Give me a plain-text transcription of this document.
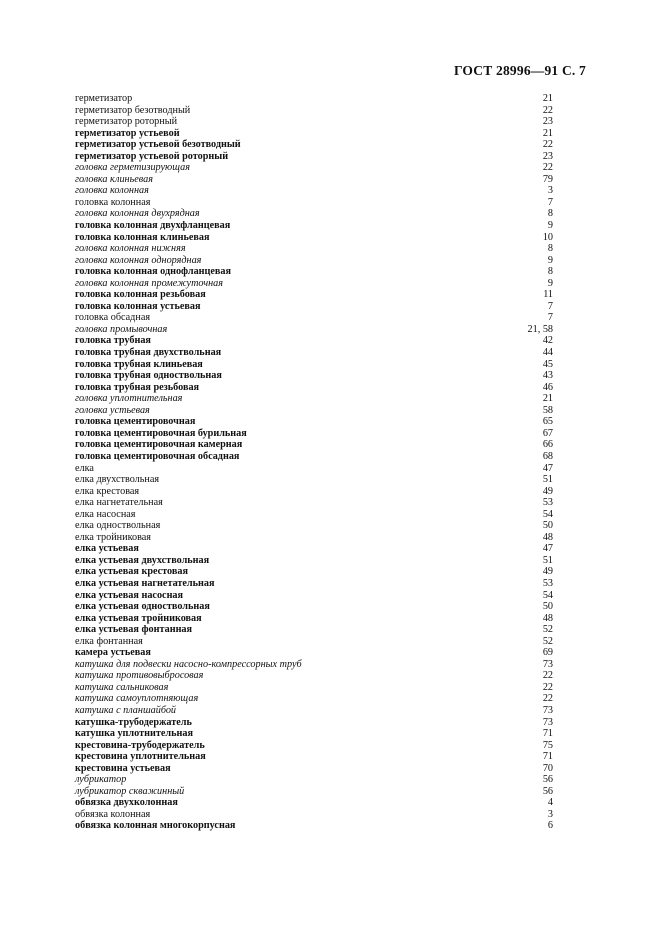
ГОСТ 28996—91 С. 7
герметизатор	21
герметизатор безотводный	22
герметизатор роторный	23
герметизатор устьевой	21
герметизатор устьевой безотводный	22
герметизатор устьевой роторный	23
головка герметизирующая	22
головка клиньевая	79
головка колонная	3
головка колонная	7
головка колонная двухрядная	8
головка колонная двухфланцевая	9
головка колонная клиньевая	10
головка колонная нижняя	8
головка колонная однорядная	9
головка колонная однофланцевая	8
головка колонная промежуточная	9
головка колонная резьбовая	11
головка колонная устьевая	7
головка обсадная	7
головка промывочная	21, 58
головка трубная	42
головка трубная двухствольная	44
головка трубная клиньевая	45
головка трубная одноствольная	43
головка трубная резьбовая	46
головка уплотнительная	21
головка устьевая	58
головка цементировочная	65
головка цементировочная бурильная	67
головка цементировочная камерная	66
головка цементировочная обсадная	68
елка	47
елка двухствольная	51
елка крестовая	49
елка нагнетательная	53
елка насосная	54
елка одноствольная	50
елка тройниковая	48
елка устьевая	47
елка устьевая двухствольная	51
елка устьевая крестовая	49
елка устьевая нагнетательная	53
елка устьевая насосная	54
елка устьевая одноствольная	50
елка устьевая тройниковая	48
елка устьевая фонтанная	52
елка фонтанная	52
камера устьевая	69
катушка для подвески насосно-компрессорных труб	73
катушка противовыбросовая	22
катушка сальниковая	22
катушка самоуплотняющая	22
катушка с планшайбой	73
катушка-трубодержатель	73
катушка уплотнительная	71
крестовина-трубодержатель	75
крестовина уплотнительная	71
крестовина устьевая	70
лубрикатор	56
лубрикатор скважинный	56
обвязка двухколонная	4
обвязка колонная	3
обвязка колонная многокорпусная	6
